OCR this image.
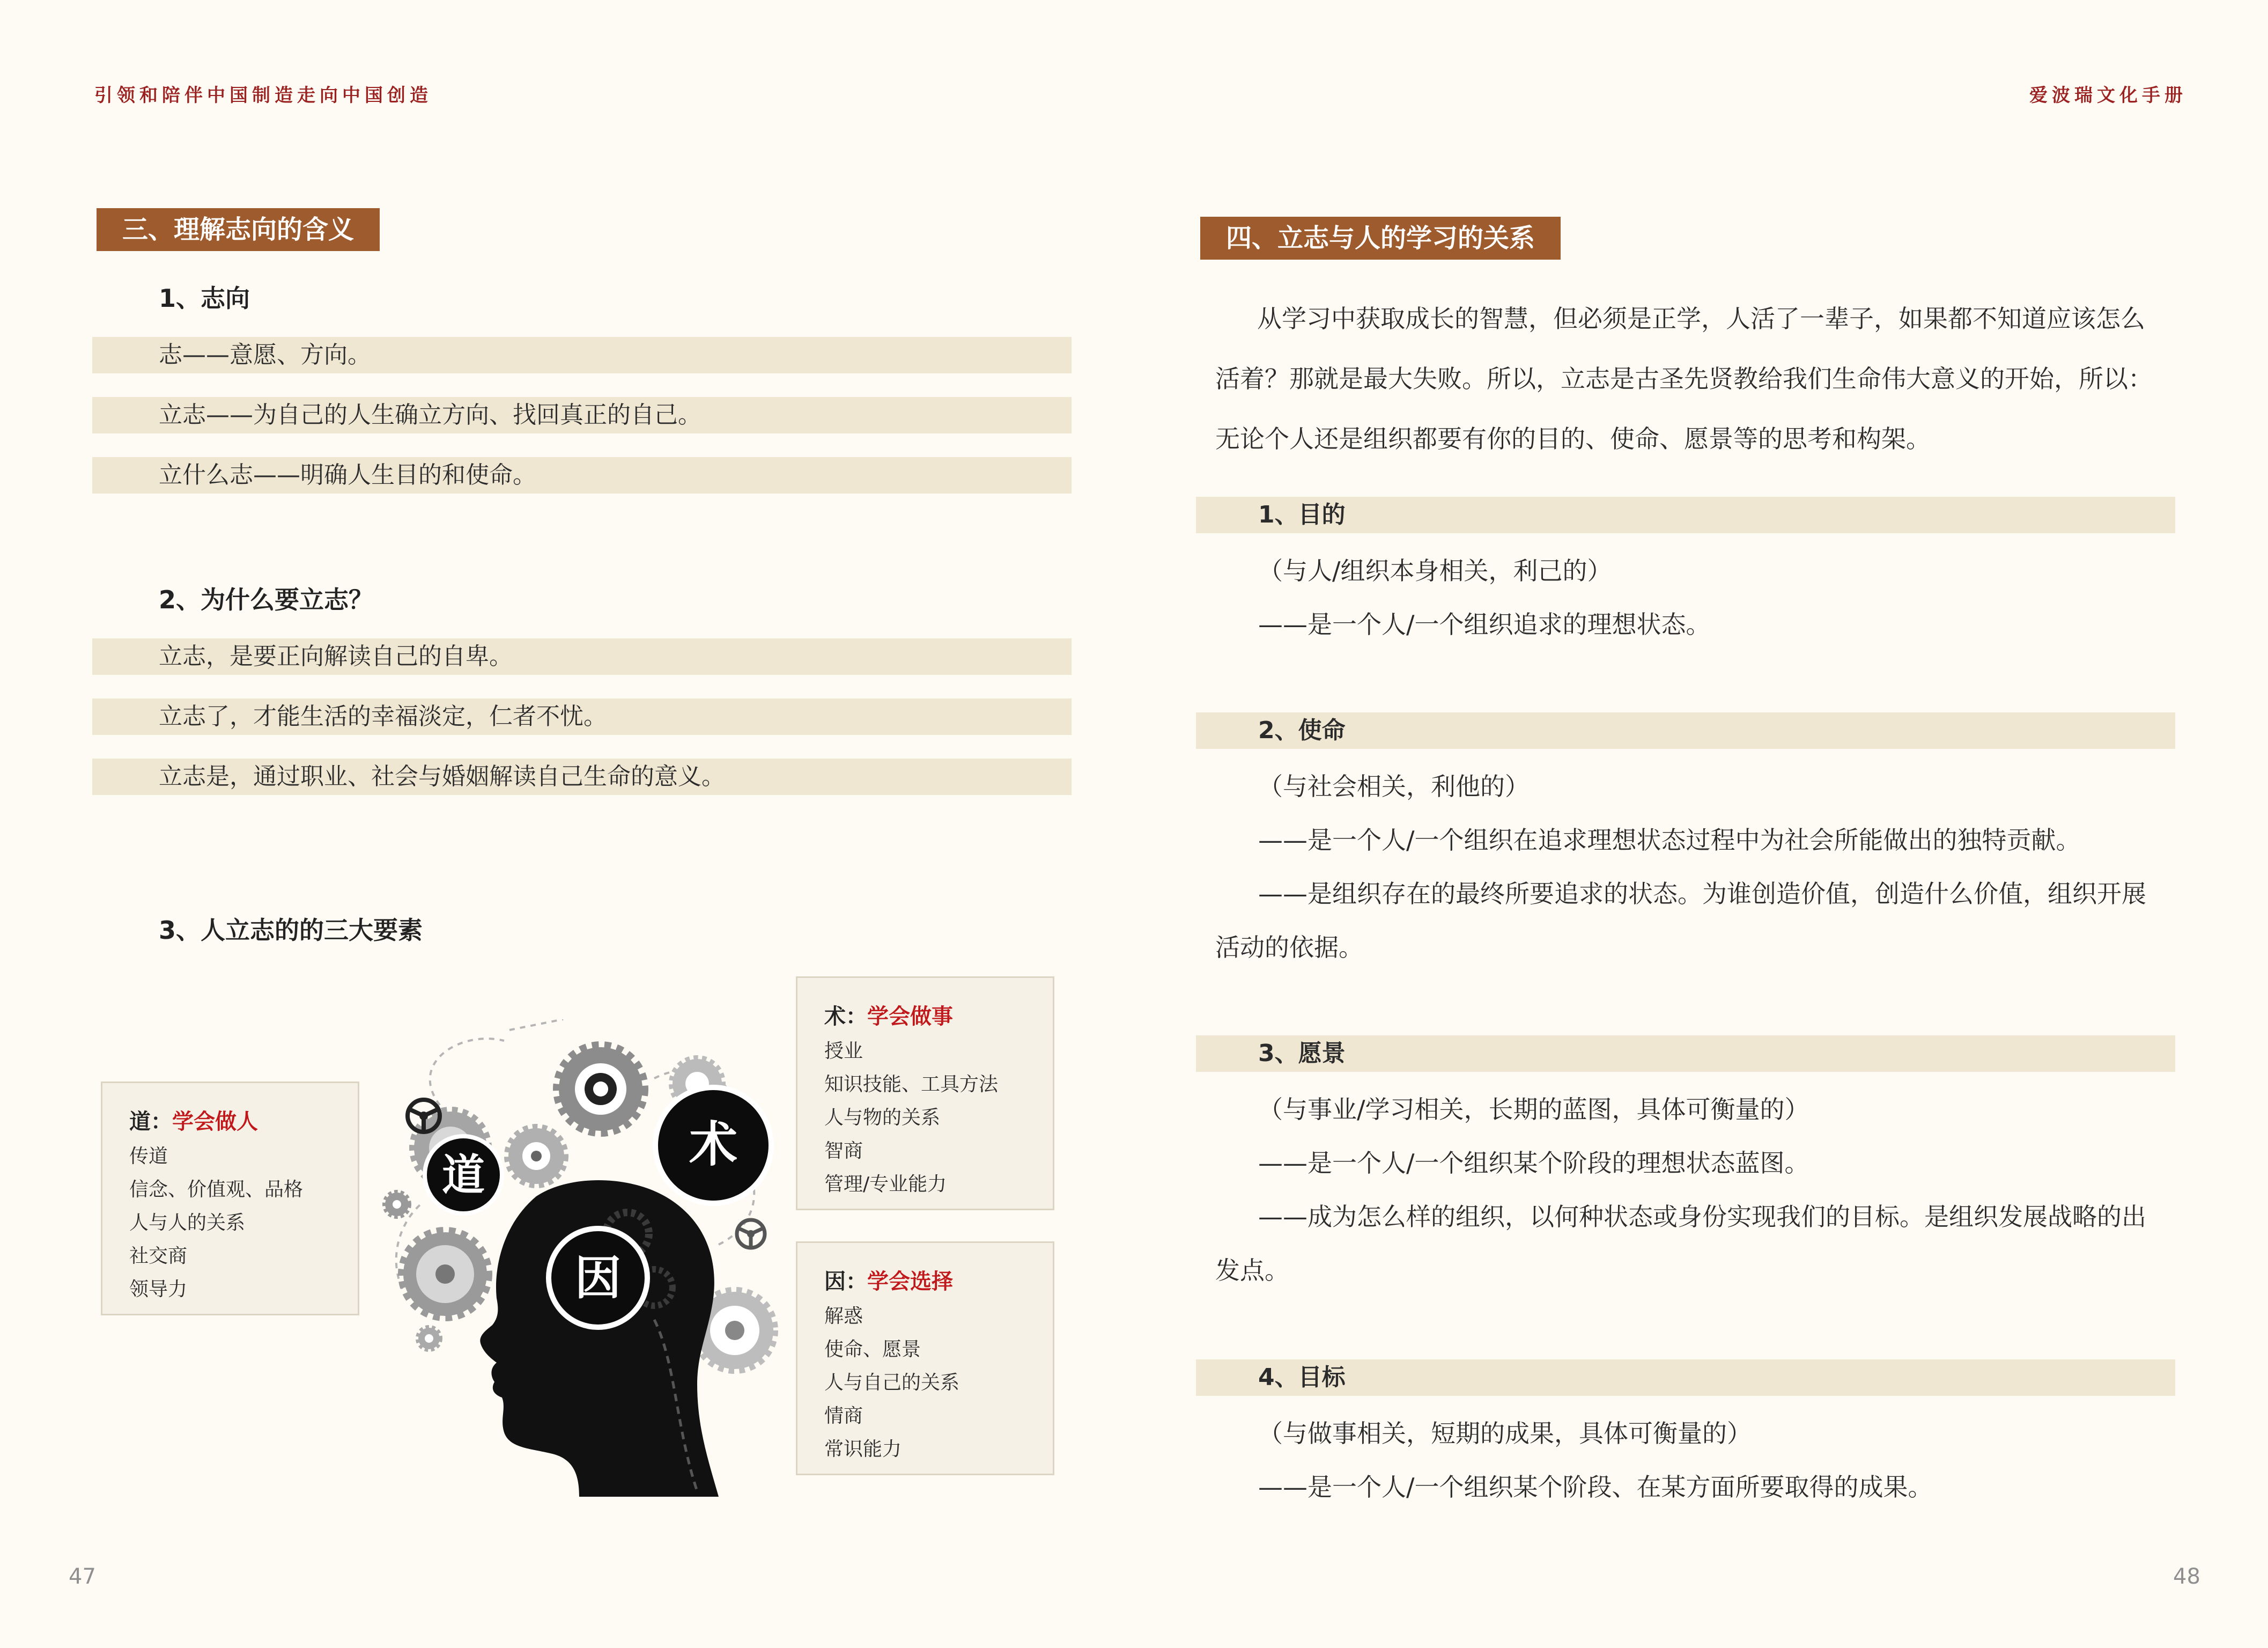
引领和陪伴中国制造走向中国创造	爱波瑞文化手册
三、理解志向的含义
1、志向
志——意愿、方向。
立志——为自己的人生确立方向、找回真正的自己。
立什么志——明确人生目的和使命。
2、为什么要立志？
立志，是要正向解读自己的自卑。
立志了，才能生活的幸福淡定，仁者不忧。
立志是，通过职业、社会与婚姻解读自己生命的意义。
3、人立志的的三大要素
道：学会做人
传道
信念、价值观、品格
人与人的关系
社交商
领导力
术：学会做事
授业
知识技能、工具方法
人与物的关系
智商
管理/专业能力
因：学会选择
解惑
使命、愿景
人与自己的关系
情商
常识能力
道
术
因
47
四、立志与人的学习的关系
从学习中获取成长的智慧，但必须是正学，人活了一辈子，如果都不知道应该怎么
活着？那就是最大失败。所以，立志是古圣先贤教给我们生命伟大意义的开始，所以：
无论个人还是组织都要有你的目的、使命、愿景等的思考和构架。
1、目的
（与人/组织本身相关，利己的）
——是一个人/一个组织追求的理想状态。
2、使命
（与社会相关，利他的）
——是一个人/一个组织在追求理想状态过程中为社会所能做出的独特贡献。
——是组织存在的最终所要追求的状态。为谁创造价值，创造什么价值，组织开展
活动的依据。
3、愿景
（与事业/学习相关，长期的蓝图，具体可衡量的）
——是一个人/一个组织某个阶段的理想状态蓝图。
——成为怎么样的组织，以何种状态或身份实现我们的目标。是组织发展战略的出
发点。
4、目标
（与做事相关，短期的成果，具体可衡量的）
——是一个人/一个组织某个阶段、在某方面所要取得的成果。
48
